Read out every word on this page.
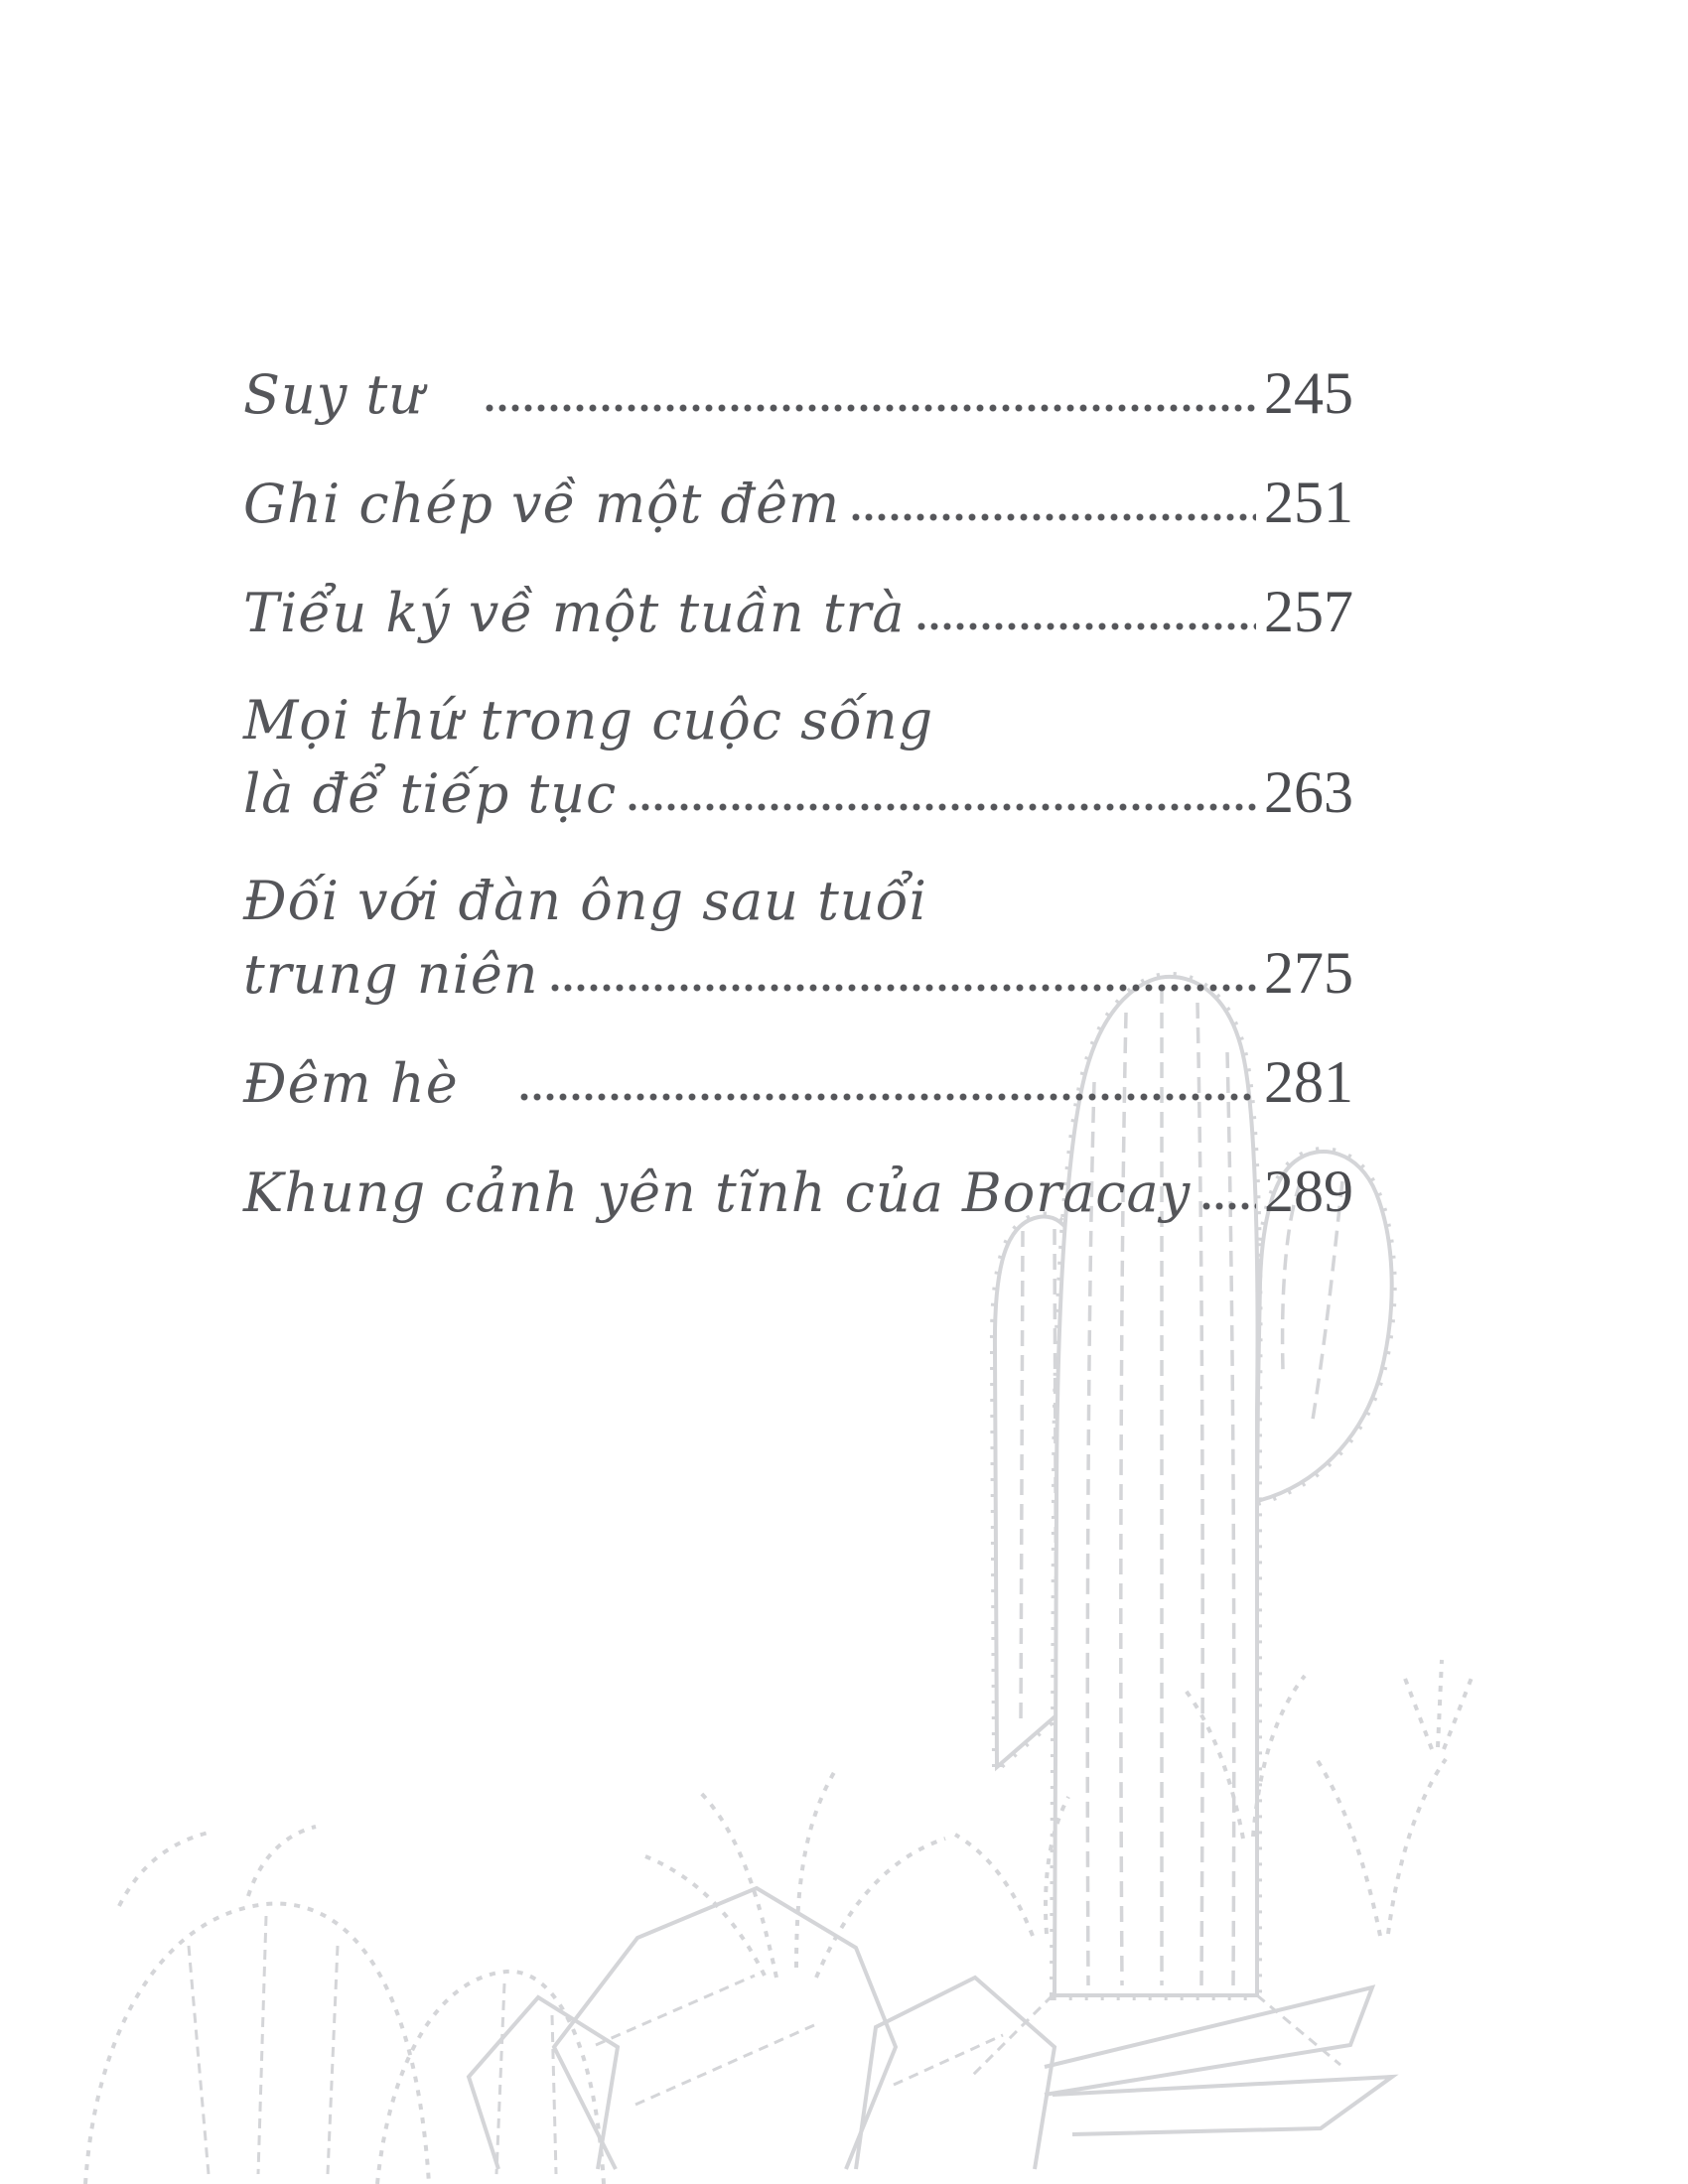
Suy tư	245
Ghi chép về một đêm	251
Tiểu ký về một tuần trà	257
Mọi thứ trong cuộc sống
là để tiếp tục	263
Đối với đàn ông sau tuổi
trung niên	275
Đêm hè	281
Khung cảnh yên tĩnh của Boracay 289
